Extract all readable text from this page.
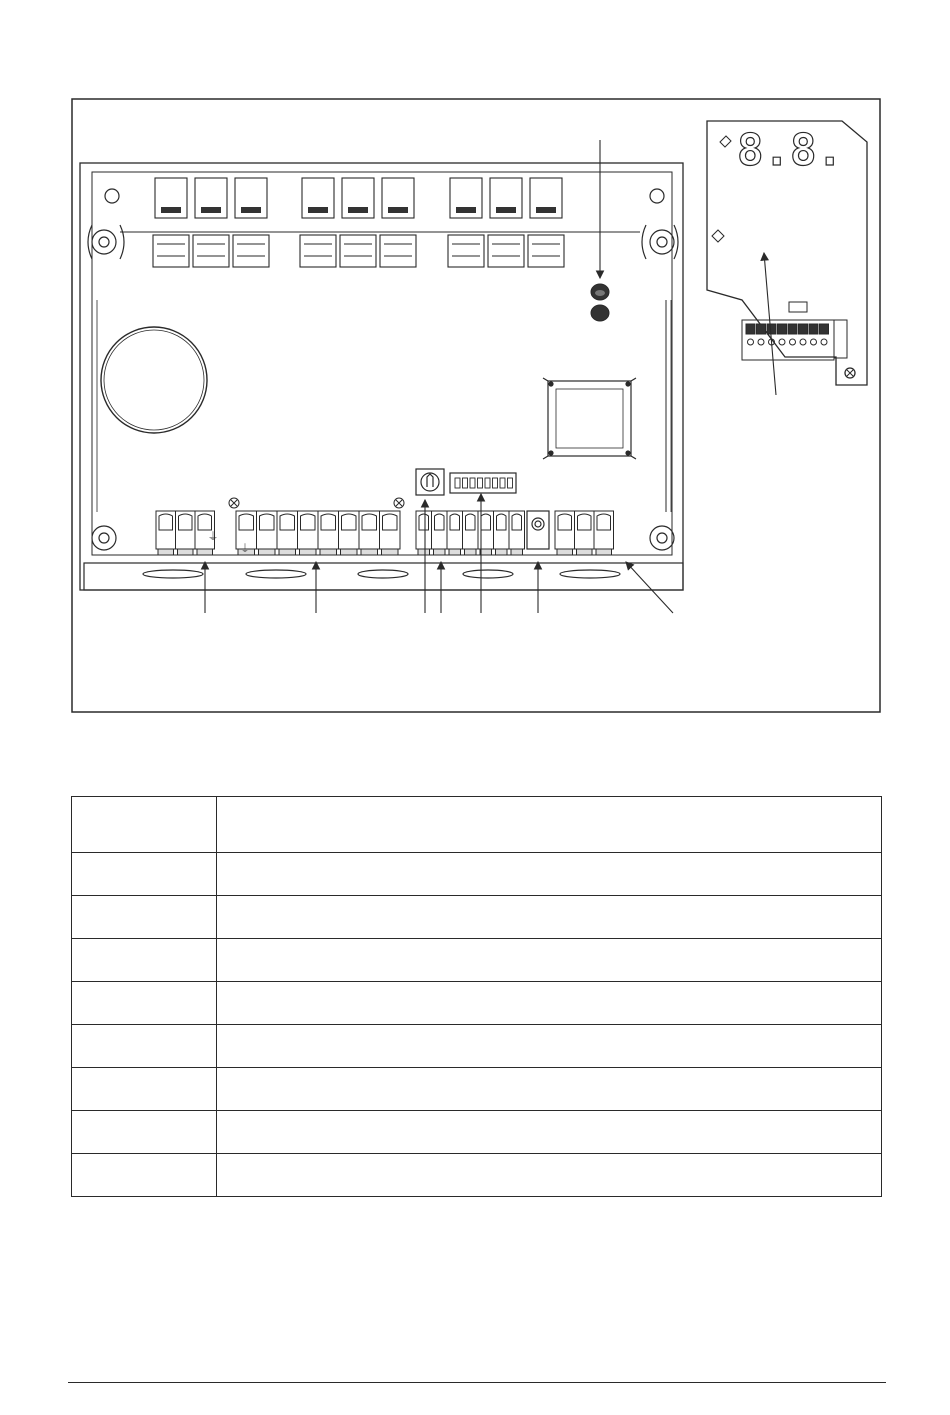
⏚
⏚
8.8.
